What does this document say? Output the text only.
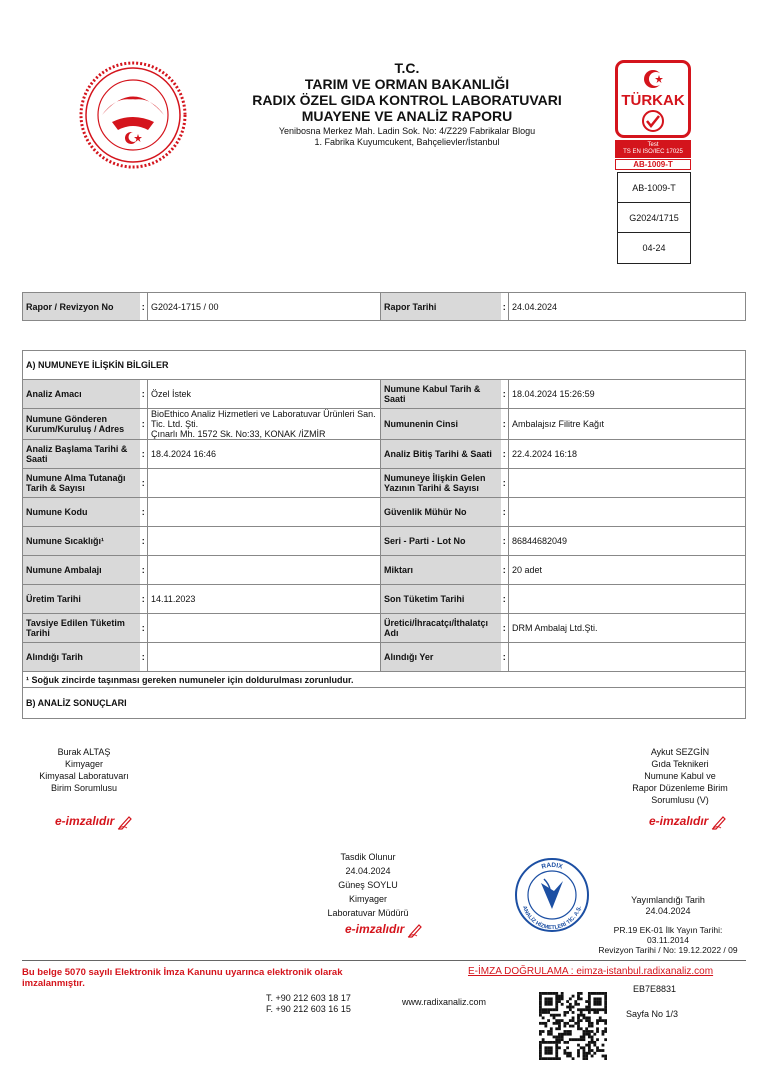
T.C.
TARIM VE ORMAN BAKANLIĞI
RADIX ÖZEL GIDA KONTROL LABORATUVARI
MUAYENE VE ANALİZ RAPORU
Yenibosna Merkez Mah. Ladin Sok. No: 4/Z229 Fabrikalar Blogu
1. Fabrika Kuyumcukent, Bahçelievler/İstanbul
TÜRKAK
Test
TS EN ISO/IEC 17025
AB-1009-T
AB-1009-T
G2024/1715
04-24
Rapor / Revizyon No	:	G2024-1715 / 00	Rapor Tarihi	:	24.04.2024
A) NUMUNEYE İLİŞKİN BİLGİLER					
Analiz Amacı	:	Özel İstek	Numune Kabul Tarih & Saati	:	18.04.2024 15:26:59
Numune Gönderen Kurum/Kuruluş / Adres	:	BioEthico Analiz Hizmetleri ve Laboratuvar Ürünleri San. Tic. Ltd. Şti.
Çınarlı Mh. 1572 Sk. No:33, KONAK /İZMİR	Numunenin Cinsi	:	Ambalajsız Filitre Kağıt
Analiz Başlama Tarihi & Saati	:	18.4.2024 16:46	Analiz Bitiş Tarihi & Saati	:	22.4.2024 16:18
Numune Alma Tutanağı Tarih & Sayısı	:		Numuneye İlişkin Gelen Yazının Tarihi & Sayısı	:	
Numune Kodu	:		Güvenlik Mühür No	:	
Numune Sıcaklığı¹	:		Seri - Parti - Lot No	:	86844682049
Numune Ambalajı	:		Miktarı	:	20 adet
Üretim Tarihi	:	14.11.2023	Son Tüketim Tarihi	:	
Tavsiye Edilen Tüketim Tarihi	:		Üretici/İhracatçı/İthalatçı Adı	:	DRM Ambalaj Ltd.Şti.
Alındığı Tarih	:		Alındığı Yer	:	
¹ Soğuk zincirde taşınması gereken numuneler için doldurulması zorunludur.					
B) ANALİZ SONUÇLARI					
Burak ALTAŞ
Kimyager
Kimyasal Laboratuvarı
Birim Sorumlusu
e-imzalıdır
Aykut SEZGİN
Gıda Teknikeri
Numune Kabul ve
Rapor Düzenleme Birim
Sorumlusu (V)
e-imzalıdır
Tasdik Olunur
24.04.2024
Güneş SOYLU
Kimyager
Laboratuvar Müdürü
e-imzalıdır
RADIX
ANALİZ HİZMETLERİ TİC. A.Ş.
Yayımlandığı Tarih
24.04.2024
PR.19 EK-01 İlk Yayın Tarihi:
03.11.2014
Revizyon Tarihi / No: 19.12.2022 / 09
Bu belge 5070 sayılı Elektronik İmza Kanunu uyarınca elektronik olarak imzalanmıştır.
E-İMZA DOĞRULAMA : eimza-istanbul.radixanaliz.com
EB7E8831
T. +90 212 603 18 17
F. +90 212 603 16 15
www.radixanaliz.com
Sayfa No 1/3
